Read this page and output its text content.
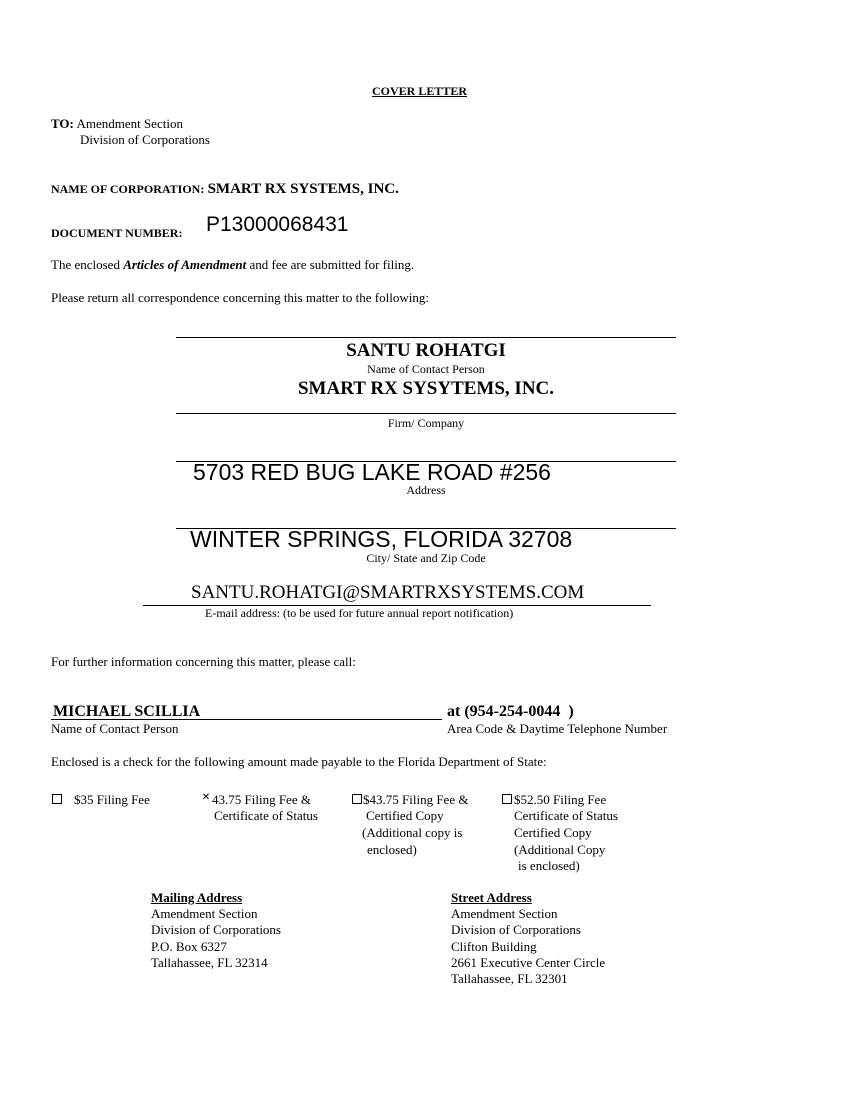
COVER LETTER
TO: Amendment Section
Division of Corporations
NAME OF CORPORATION: SMART RX SYSTEMS, INC.
DOCUMENT NUMBER: P13000068431
The enclosed Articles of Amendment and fee are submitted for filing.
Please return all correspondence concerning this matter to the following:
SANTU ROHATGI
Name of Contact Person
SMART RX SYSYTEMS, INC.
Firm/ Company
5703 RED BUG LAKE ROAD #256
Address
WINTER SPRINGS, FLORIDA 32708
City/ State and Zip Code
SANTU.ROHATGI@SMARTRXSYSTEMS.COM
E-mail address: (to be used for future annual report notification)
For further information concerning this matter, please call:
MICHAEL SCILLIA	at (954-254-0044 )
Name of Contact Person	Area Code & Daytime Telephone Number
Enclosed is a check for the following amount made payable to the Florida Department of State:
$35 Filing Fee	✕ 43.75 Filing Fee &
Certificate of Status
$43.75 Filing Fee &
Certified Copy
(Additional copy is
enclosed)
$52.50 Filing Fee
Certificate of Status
Certified Copy
(Additional Copy
is enclosed)
Mailing Address
Amendment Section
Division of Corporations
P.O. Box 6327
Tallahassee, FL 32314
Street Address
Amendment Section
Division of Corporations
Clifton Building
2661 Executive Center Circle
Tallahassee, FL 32301
